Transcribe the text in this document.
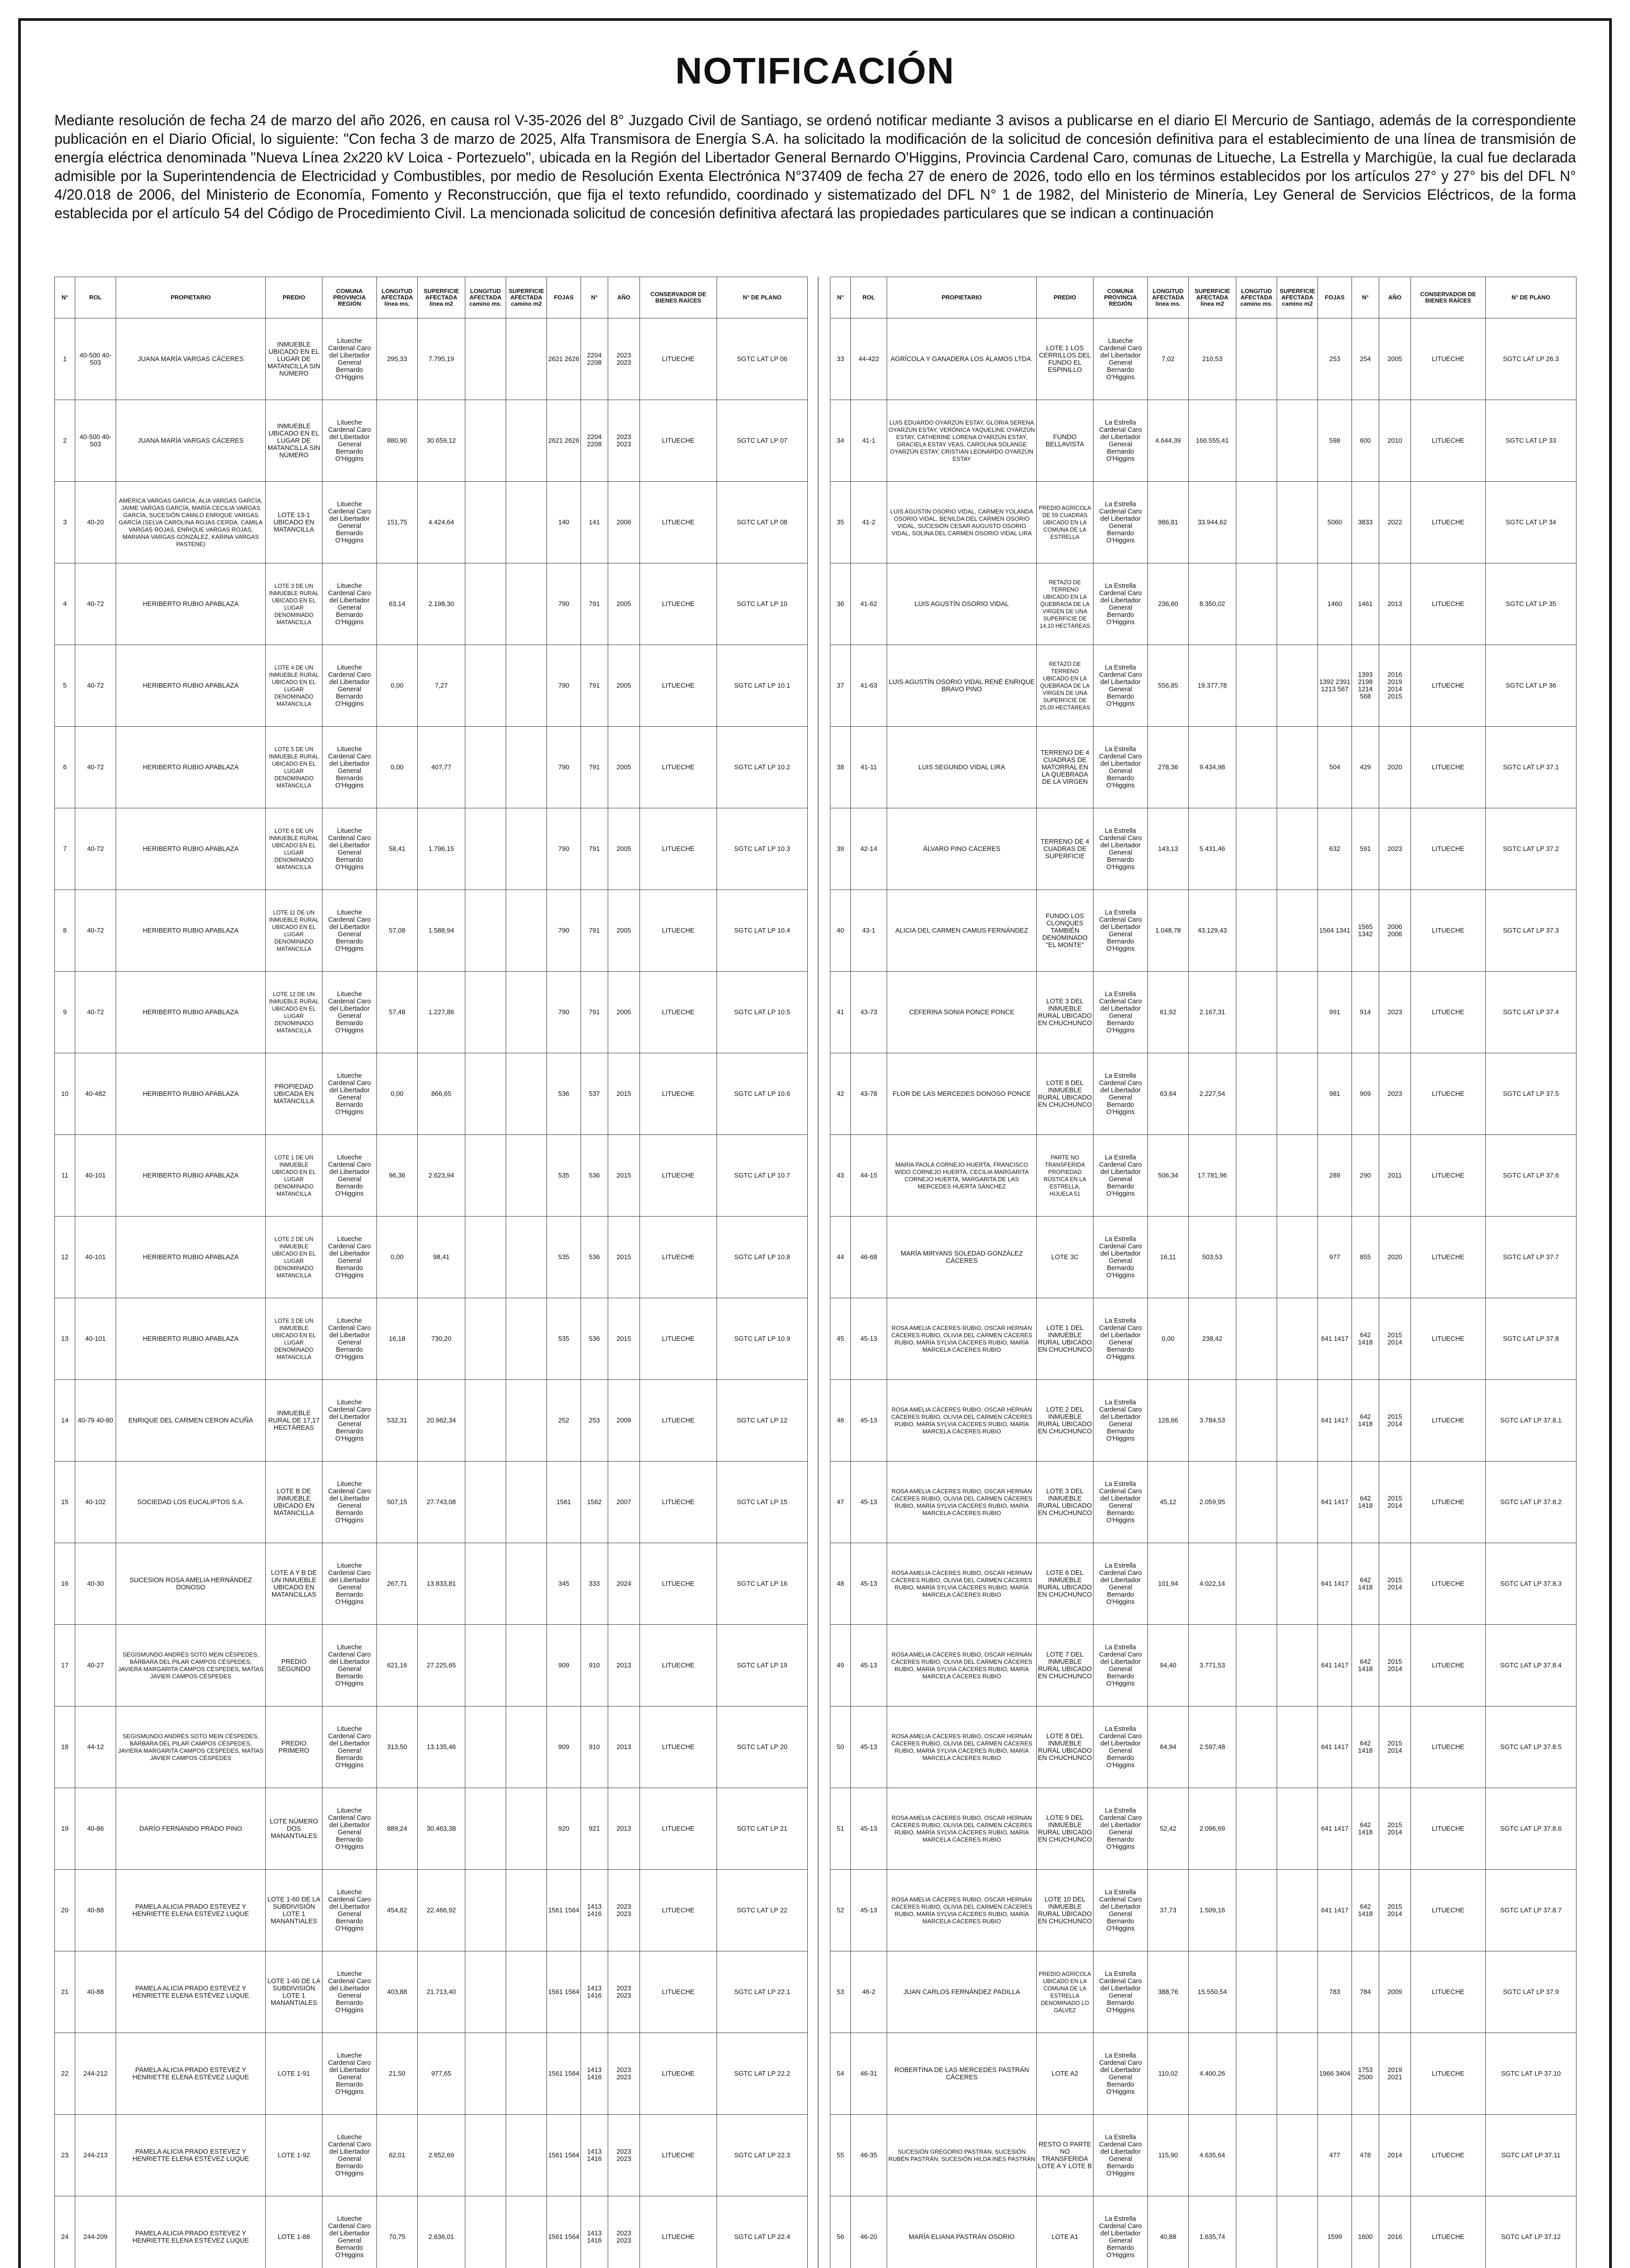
NOTIFICACIÓN
Mediante resolución de fecha 24 de marzo del año 2026, en causa rol V-35-2026 del 8° Juzgado Civil de Santiago, se ordenó notificar mediante 3 avisos a publicarse en el diario El Mercurio de Santiago, además de la correspondiente publicación en el Diario Oficial, lo siguiente: "Con fecha 3 de marzo de 2025, Alfa Transmisora de Energía S.A. ha solicitado la modificación de la solicitud de concesión definitiva para el establecimiento de una línea de transmisión de energía eléctrica denominada "Nueva Línea 2x220 kV Loica - Portezuelo", ubicada en la Región del Libertador General Bernardo O'Higgins, Provincia Cardenal Caro, comunas de Litueche, La Estrella y Marchigüe, la cual fue declarada admisible por la Superintendencia de Electricidad y Combustibles, por medio de Resolución Exenta Electrónica N°37409 de fecha 27 de enero de 2026, todo ello en los términos establecidos por los artículos 27° y 27° bis del DFL N° 4/20.018 de 2006, del Ministerio de Economía, Fomento y Reconstrucción, que fija el texto refundido, coordinado y sistematizado del DFL N° 1 de 1982, del Ministerio de Minería, Ley General de Servicios Eléctricos, de la forma establecida por el artículo 54 del Código de Procedimiento Civil. La mencionada solicitud de concesión definitiva afectará las propiedades particulares que se indican a continuación
N°	ROL	PROPIETARIO	PREDIO	COMUNA PROVINCIA REGIÓN	LONGITUD AFECTADA línea ms.	SUPERFICIE AFECTADA línea m2	LONGITUD AFECTADA camino ms.	SUPERFICIE AFECTADA camino m2	FOJAS	N°	AÑO	CONSERVADOR DE BIENES RAÍCES	N° DE PLANO
1	40-500 40-503	JUANA MARÍA VARGAS CÁCERES	INMUEBLE UBICADO EN EL LUGAR DE MATANCILLA SIN NÚMERO	Litueche Cardenal Caro del Libertador General Bernardo O'Higgins	295,33	7.795,19			2621 2626	2204 2208	2023 2023	LITUECHE	SGTC LAT LP 06
2	40-500 40-503	JUANA MARÍA VARGAS CÁCERES	INMUEBLE UBICADO EN EL LUGAR DE MATANCILLA SIN NÚMERO	Litueche Cardenal Caro del Libertador General Bernardo O'Higgins	880,90	30.659,12			2621 2626	2204 2208	2023 2023	LITUECHE	SGTC LAT LP 07
3	40-20	AMÉRICA VARGAS GARCÍA, ALIA VARGAS GARCÍA, JAIME VARGAS GARCÍA, MARÍA CECILIA VARGAS GARCÍA, SUCESIÓN CAMILO ENRIQUE VARGAS GARCÍA (SELVA CAROLINA ROJAS CERDA, CAMILA VARGAS ROJAS, ENRIQUE VARGAS ROJAS, MARIANA VARGAS GONZÁLEZ, KARINA VARGAS PASTENE)	LOTE 13-1 UBICADO EN MATANCILLA	Litueche Cardenal Caro del Libertador General Bernardo O'Higgins	151,75	4.424,64			140	141	2006	LITUECHE	SGTC LAT LP 08
4	40-72	HERIBERTO RUBIO APABLAZA	LOTE 3 DE UN INMUEBLE RURAL UBICADO EN EL LUGAR DENOMINADO MATANCILLA	Litueche Cardenal Caro del Libertador General Bernardo O'Higgins	63,14	2.198,30			790	791	2005	LITUECHE	SGTC LAT LP 10
5	40-72	HERIBERTO RUBIO APABLAZA	LOTE 4 DE UN INMUEBLE RURAL UBICADO EN EL LUGAR DENOMINADO MATANCILLA	Litueche Cardenal Caro del Libertador General Bernardo O'Higgins	0,00	7,27			790	791	2005	LITUECHE	SGTC LAT LP 10.1
6	40-72	HERIBERTO RUBIO APABLAZA	LOTE 5 DE UN INMUEBLE RURAL UBICADO EN EL LUGAR DENOMINADO MATANCILLA	Litueche Cardenal Caro del Libertador General Bernardo O'Higgins	0,00	407,77			790	791	2005	LITUECHE	SGTC LAT LP 10.2
7	40-72	HERIBERTO RUBIO APABLAZA	LOTE 6 DE UN INMUEBLE RURAL UBICADO EN EL LUGAR DENOMINADO MATANCILLA	Litueche Cardenal Caro del Libertador General Bernardo O'Higgins	58,41	1.796,15			790	791	2005	LITUECHE	SGTC LAT LP 10.3
8	40-72	HERIBERTO RUBIO APABLAZA	LOTE 11 DE UN INMUEBLE RURAL UBICADO EN EL LUGAR DENOMINADO MATANCILLA	Litueche Cardenal Caro del Libertador General Bernardo O'Higgins	57,08	1.588,94			790	791	2005	LITUECHE	SGTC LAT LP 10.4
9	40-72	HERIBERTO RUBIO APABLAZA	LOTE 12 DE UN INMUEBLE RURAL UBICADO EN EL LUGAR DENOMINADO MATANCILLA	Litueche Cardenal Caro del Libertador General Bernardo O'Higgins	57,48	1.227,86			790	791	2005	LITUECHE	SGTC LAT LP 10.5
10	40-482	HERIBERTO RUBIO APABLAZA	PROPIEDAD UBICADA EN MATANCILLA	Litueche Cardenal Caro del Libertador General Bernardo O'Higgins	0,00	866,65			536	537	2015	LITUECHE	SGTC LAT LP 10.6
11	40-101	HERIBERTO RUBIO APABLAZA	LOTE 1 DE UN INMUEBLE UBICADO EN EL LUGAR DENOMINADO MATANCILLA	Litueche Cardenal Caro del Libertador General Bernardo O'Higgins	96,36	2.623,94			535	536	2015	LITUECHE	SGTC LAT LP 10.7
12	40-101	HERIBERTO RUBIO APABLAZA	LOTE 2 DE UN INMUEBLE UBICADO EN EL LUGAR DENOMINADO MATANCILLA	Litueche Cardenal Caro del Libertador General Bernardo O'Higgins	0,00	98,41			535	536	2015	LITUECHE	SGTC LAT LP 10.8
13	40-101	HERIBERTO RUBIO APABLAZA	LOTE 3 DE UN INMUEBLE UBICADO EN EL LUGAR DENOMINADO MATANCILLA	Litueche Cardenal Caro del Libertador General Bernardo O'Higgins	16,18	730,20			535	536	2015	LITUECHE	SGTC LAT LP 10.9
14	40-79 40-80	ENRIQUE DEL CARMEN CERON ACUÑA	INMUEBLE RURAL DE 17,17 HECTÁREAS	Litueche Cardenal Caro del Libertador General Bernardo O'Higgins	532,31	20.962,34			252	253	2009	LITUECHE	SGTC LAT LP 12
15	40-102	SOCIEDAD LOS EUCALIPTOS S.A.	LOTE B DE INMUEBLE UBICADO EN MATANCILLA	Litueche Cardenal Caro del Libertador General Bernardo O'Higgins	507,15	27.743,08			1561	1562	2007	LITUECHE	SGTC LAT LP 15
16	40-30	SUCESION ROSA AMELIA HERNÁNDEZ DONOSO	LOTE A Y B DE UN INMUEBLE UBICADO EN MATANCILLAS	Litueche Cardenal Caro del Libertador General Bernardo O'Higgins	267,71	13.833,81			345	333	2024	LITUECHE	SGTC LAT LP 16
17	40-27	SEGISMUNDO ANDRÉS SOTO MEIN CÉSPEDES, BÁRBARA DEL PILAR CAMPOS CÉSPEDES, JAVIERA MARGARITA CAMPOS CÉSPEDES, MATÍAS JAVIER CAMPOS CÉSPEDES	PREDIO SEGUNDO	Litueche Cardenal Caro del Libertador General Bernardo O'Higgins	621,16	27.225,65			909	910	2013	LITUECHE	SGTC LAT LP 19
18	44-12	SEGISMUNDO ANDRÉS SOTO MEIN CÉSPEDES, BÁRBARA DEL PILAR CAMPOS CÉSPEDES, JAVIERA MARGARITA CAMPOS CÉSPEDES, MATÍAS JAVIER CAMPOS CÉSPEDES	PREDIO PRIMERO	Litueche Cardenal Caro del Libertador General Bernardo O'Higgins	313,50	13.135,46			909	910	2013	LITUECHE	SGTC LAT LP 20
19	40-86	DARÍO FERNANDO PRADO PINO	LOTE NÚMERO DOS MANANTIALES	Litueche Cardenal Caro del Libertador General Bernardo O'Higgins	889,24	30.463,38			920	921	2013	LITUECHE	SGTC LAT LP 21
20	40-88	PAMELA ALICIA PRADO ESTEVEZ Y HENRIETTE ELENA ESTÉVEZ LUQUE	LOTE 1-60 DE LA SUBDIVISIÓN LOTE 1 MANANTIALES	Litueche Cardenal Caro del Libertador General Bernardo O'Higgins	454,82	22.466,92			1561 1564	1413 1416	2023 2023	LITUECHE	SGTC LAT LP 22
21	40-88	PAMELA ALICIA PRADO ESTEVEZ Y HENRIETTE ELENA ESTÉVEZ LUQUE	LOTE 1-60 DE LA SUBDIVISIÓN LOTE 1 MANANTIALES	Litueche Cardenal Caro del Libertador General Bernardo O'Higgins	403,88	21.713,40			1561 1564	1413 1416	2023 2023	LITUECHE	SGTC LAT LP 22.1
22	244-212	PAMELA ALICIA PRADO ESTEVEZ Y HENRIETTE ELENA ESTÉVEZ LUQUE	LOTE 1-91	Litueche Cardenal Caro del Libertador General Bernardo O'Higgins	21,50	977,65			1561 1564	1413 1416	2023 2023	LITUECHE	SGTC LAT LP 22.2
23	244-213	PAMELA ALICIA PRADO ESTEVEZ Y HENRIETTE ELENA ESTÉVEZ LUQUE	LOTE 1-92	Litueche Cardenal Caro del Libertador General Bernardo O'Higgins	62,01	2.652,69			1561 1564	1413 1416	2023 2023	LITUECHE	SGTC LAT LP 22.3
24	244-209	PAMELA ALICIA PRADO ESTEVEZ Y HENRIETTE ELENA ESTÉVEZ LUQUE	LOTE 1-88	Litueche Cardenal Caro del Libertador General Bernardo O'Higgins	70,75	2.636,01			1561 1564	1413 1416	2023 2023	LITUECHE	SGTC LAT LP 22.4

N°	ROL	PROPIETARIO	PREDIO	COMUNA PROVINCIA REGIÓN	LONGITUD AFECTADA línea ms.	SUPERFICIE AFECTADA línea m2	LONGITUD AFECTADA camino ms.	SUPERFICIE AFECTADA camino m2	FOJAS	N°	AÑO	CONSERVADOR DE BIENES RAÍCES	N° DE PLANO
33	44-422	AGRÍCOLA Y GANADERA LOS ÁLAMOS LTDA.	LOTE 1 LOS CERRILLOS DEL FUNDO EL ESPINILLO	Litueche Cardenal Caro del Libertador General Bernardo O'Higgins	7,02	210,53			253	254	2005	LITUECHE	SGTC LAT LP 26.3
34	41-1	LUIS EDUARDO OYARZÚN ESTAY, GLORIA SERENA OYARZÚN ESTAY, VERÓNICA YAQUELINE OYARZÚN ESTAY, CATHERINE LORENA OYARZÚN ESTAY, GRACIELA ESTAY VEAS, CAROLINA SOLANGE OYARZÚN ESTAY, CRISTIAN LEONARDO OYARZÚN ESTAY	FUNDO BELLAVISTA	La Estrella Cardenal Caro del Libertador General Bernardo O'Higgins	4.644,39	166.555,41			598	600	2010	LITUECHE	SGTC LAT LP 33
35	41-2	LUIS AGUSTÍN OSORIO VIDAL, CARMEN YOLANDA OSORIO VIDAL, BENILDA DEL CARMEN OSORIO VIDAL, SUCESIÓN CESAR AUGUSTO OSORIO VIDAL, SOLINA DEL CARMEN OSORIO VIDAL LIRA	PREDIO AGRÍCOLA DE 59 CUADRAS UBICADO EN LA COMUNA DE LA ESTRELLA	La Estrella Cardenal Caro del Libertador General Bernardo O'Higgins	986,81	33.944,62			5060	3833	2022	LITUECHE	SGTC LAT LP 34
36	41-62	LUIS AGUSTÍN OSORIO VIDAL	RETAZO DE TERRENO UBICADO EN LA QUEBRADA DE LA VIRGEN DE UNA SUPERFICIE DE 14,10 HECTÁREAS	La Estrella Cardenal Caro del Libertador General Bernardo O'Higgins	236,60	8.350,02			1460	1461	2013	LITUECHE	SGTC LAT LP 35
37	41-63	LUIS AGUSTÍN OSORIO VIDAL RENÉ ENRIQUE BRAVO PINO	RETAZO DE TERRENO UBICADO EN LA QUEBRADA DE LA VIRGEN DE UNA SUPERFICIE DE 25,00 HECTÁREAS	La Estrella Cardenal Caro del Libertador General Bernardo O'Higgins	556,85	19.377,78			1392 2391 1213 567	1393 2198 1214 568	2016 2019 2014 2015	LITUECHE	SGTC LAT LP 36
38	41-11	LUIS SEGUNDO VIDAL LIRA	TERRENO DE 4 CUADRAS DE MATORRAL EN LA QUEBRADA DE LA VIRGEN	La Estrella Cardenal Caro del Libertador General Bernardo O'Higgins	278,36	9.434,98			504	429	2020	LITUECHE	SGTC LAT LP 37.1
39	42-14	ÁLVARO PINO CÁCERES	TERRENO DE 4 CUADRAS DE SUPERFICIE	La Estrella Cardenal Caro del Libertador General Bernardo O'Higgins	143,13	5.431,46			632	591	2023	LITUECHE	SGTC LAT LP 37.2
40	43-1	ALICIA DEL CARMEN CAMUS FERNÁNDEZ	FUNDO LOS CLONQUES TAMBIÉN DENOMINADO "EL MONTE"	La Estrella Cardenal Caro del Libertador General Bernardo O'Higgins	1.048,78	43.129,43			1564 1341	1565 1342	2006 2006	LITUECHE	SGTC LAT LP 37.3
41	43-73	CEFERINA SONIA PONCE PONCE	LOTE 3 DEL INMUEBLE RURAL UBICADO EN CHUCHUNCO	La Estrella Cardenal Caro del Libertador General Bernardo O'Higgins	61,92	2.167,31			991	914	2023	LITUECHE	SGTC LAT LP 37.4
42	43-78	FLOR DE LAS MERCEDES DONOSO PONCE	LOTE 8 DEL INMUEBLE RURAL UBICADO EN CHUCHUNCO	La Estrella Cardenal Caro del Libertador General Bernardo O'Higgins	63,64	2.227,54			981	909	2023	LITUECHE	SGTC LAT LP 37.5
43	44-15	MARÍA PAOLA CORNEJO HUERTA, FRANCISCO WIDO CORNEJO HUERTA, CECILIA MARGARITA CORNEJO HUERTA, MARGARITA DE LAS MERCEDES HUERTA SÁNCHEZ	PARTE NO TRANSFERIDA PROPIEDAD RÚSTICA EN LA ESTRELLA, HIJUELA 51	La Estrella Cardenal Caro del Libertador General Bernardo O'Higgins	506,34	17.781,96			289	290	2011	LITUECHE	SGTC LAT LP 37.6
44	46-68	MARÍA MIRYANS SOLEDAD GONZÁLEZ CÁCERES	LOTE 3C	La Estrella Cardenal Caro del Libertador General Bernardo O'Higgins	16,11	503,53			977	855	2020	LITUECHE	SGTC LAT LP 37.7
45	45-13	ROSA AMELIA CÁCERES RUBIO, OSCAR HERNÁN CÁCERES RUBIO, OLIVIA DEL CARMEN CÁCERES RUBIO, MARÍA SYLVIA CÁCERES RUBIO, MARÍA MARCELA CÁCERES RUBIO	LOTE 1 DEL INMUEBLE RURAL UBICADO EN CHUCHUNCO	La Estrella Cardenal Caro del Libertador General Bernardo O'Higgins	0,00	238,42			641 1417	642 1418	2015 2014	LITUECHE	SGTC LAT LP 37.8
46	45-13	ROSA AMELIA CÁCERES RUBIO, OSCAR HERNÁN CÁCERES RUBIO, OLIVIA DEL CARMEN CÁCERES RUBIO, MARÍA SYLVIA CÁCERES RUBIO, MARÍA MARCELA CÁCERES RUBIO	LOTE 2 DEL INMUEBLE RURAL UBICADO EN CHUCHUNCO	La Estrella Cardenal Caro del Libertador General Bernardo O'Higgins	128,66	3.784,53			641 1417	642 1418	2015 2014	LITUECHE	SGTC LAT LP 37.8.1
47	45-13	ROSA AMELIA CÁCERES RUBIO, OSCAR HERNÁN CÁCERES RUBIO, OLIVIA DEL CARMEN CÁCERES RUBIO, MARÍA SYLVIA CÁCERES RUBIO, MARÍA MARCELA CÁCERES RUBIO	LOTE 3 DEL INMUEBLE RURAL UBICADO EN CHUCHUNCO	La Estrella Cardenal Caro del Libertador General Bernardo O'Higgins	45,12	2.059,95			641 1417	642 1418	2015 2014	LITUECHE	SGTC LAT LP 37.8.2
48	45-13	ROSA AMELIA CÁCERES RUBIO, OSCAR HERNÁN CÁCERES RUBIO, OLIVIA DEL CARMEN CÁCERES RUBIO, MARÍA SYLVIA CÁCERES RUBIO, MARÍA MARCELA CÁCERES RUBIO	LOTE 6 DEL INMUEBLE RURAL UBICADO EN CHUCHUNCO	La Estrella Cardenal Caro del Libertador General Bernardo O'Higgins	101,94	4.022,14			641 1417	642 1418	2015 2014	LITUECHE	SGTC LAT LP 37.8.3
49	45-13	ROSA AMELIA CÁCERES RUBIO, OSCAR HERNÁN CÁCERES RUBIO, OLIVIA DEL CARMEN CÁCERES RUBIO, MARÍA SYLVIA CÁCERES RUBIO, MARÍA MARCELA CÁCERES RUBIO	LOTE 7 DEL INMUEBLE RURAL UBICADO EN CHUCHUNCO	La Estrella Cardenal Caro del Libertador General Bernardo O'Higgins	94,40	3.771,53			641 1417	642 1418	2015 2014	LITUECHE	SGTC LAT LP 37.8.4
50	45-13	ROSA AMELIA CÁCERES RUBIO, OSCAR HERNÁN CÁCERES RUBIO, OLIVIA DEL CARMEN CÁCERES RUBIO, MARÍA SYLVIA CÁCERES RUBIO, MARÍA MARCELA CÁCERES RUBIO	LOTE 8 DEL INMUEBLE RURAL UBICADO EN CHUCHUNCO	La Estrella Cardenal Caro del Libertador General Bernardo O'Higgins	64,94	2.597,48			641 1417	642 1418	2015 2014	LITUECHE	SGTC LAT LP 37.8.5
51	45-13	ROSA AMELIA CÁCERES RUBIO, OSCAR HERNÁN CÁCERES RUBIO, OLIVIA DEL CARMEN CÁCERES RUBIO, MARÍA SYLVIA CÁCERES RUBIO, MARÍA MARCELA CÁCERES RUBIO	LOTE 9 DEL INMUEBLE RURAL UBICADO EN CHUCHUNCO	La Estrella Cardenal Caro del Libertador General Bernardo O'Higgins	52,42	2.096,69			641 1417	642 1418	2015 2014	LITUECHE	SGTC LAT LP 37.8.6
52	45-13	ROSA AMELIA CÁCERES RUBIO, OSCAR HERNÁN CÁCERES RUBIO, OLIVIA DEL CARMEN CÁCERES RUBIO, MARÍA SYLVIA CÁCERES RUBIO, MARÍA MARCELA CÁCERES RUBIO	LOTE 10 DEL INMUEBLE RURAL UBICADO EN CHUCHUNCO	La Estrella Cardenal Caro del Libertador General Bernardo O'Higgins	37,73	1.509,16			641 1417	642 1418	2015 2014	LITUECHE	SGTC LAT LP 37.8.7
53	46-2	JUAN CARLOS FERNÁNDEZ PADILLA	PREDIO AGRÍCOLA UBICADO EN LA COMUNA DE LA ESTRELLA DENOMINADO LO GÁLVEZ	La Estrella Cardenal Caro del Libertador General Bernardo O'Higgins	388,76	15.550,54			783	784	2009	LITUECHE	SGTC LAT LP 37.9
54	46-31	ROBERTINA DE LAS MERCEDES PASTRÁN CÁCERES	LOTE A2	La Estrella Cardenal Caro del Libertador General Bernardo O'Higgins	110,02	4.400,26			1966 3404	1753 2500	2019 2021	LITUECHE	SGTC LAT LP 37.10
55	46-35	SUCESIÓN GREGORIO PASTRÁN, SUCESIÓN RUBÉN PASTRÁN, SUCESIÓN HILDA INÉS PASTRÁN	RESTO O PARTE NO TRANSFERIDA LOTE A Y LOTE B	La Estrella Cardenal Caro del Libertador General Bernardo O'Higgins	115,90	4.635,64			477	478	2014	LITUECHE	SGTC LAT LP 37.11
56	46-20	MARÍA ELIANA PASTRÁN OSORIO	LOTE A1	La Estrella Cardenal Caro del Libertador General Bernardo O'Higgins	40,88	1.635,74			1599	1600	2016	LITUECHE	SGTC LAT LP 37.12
